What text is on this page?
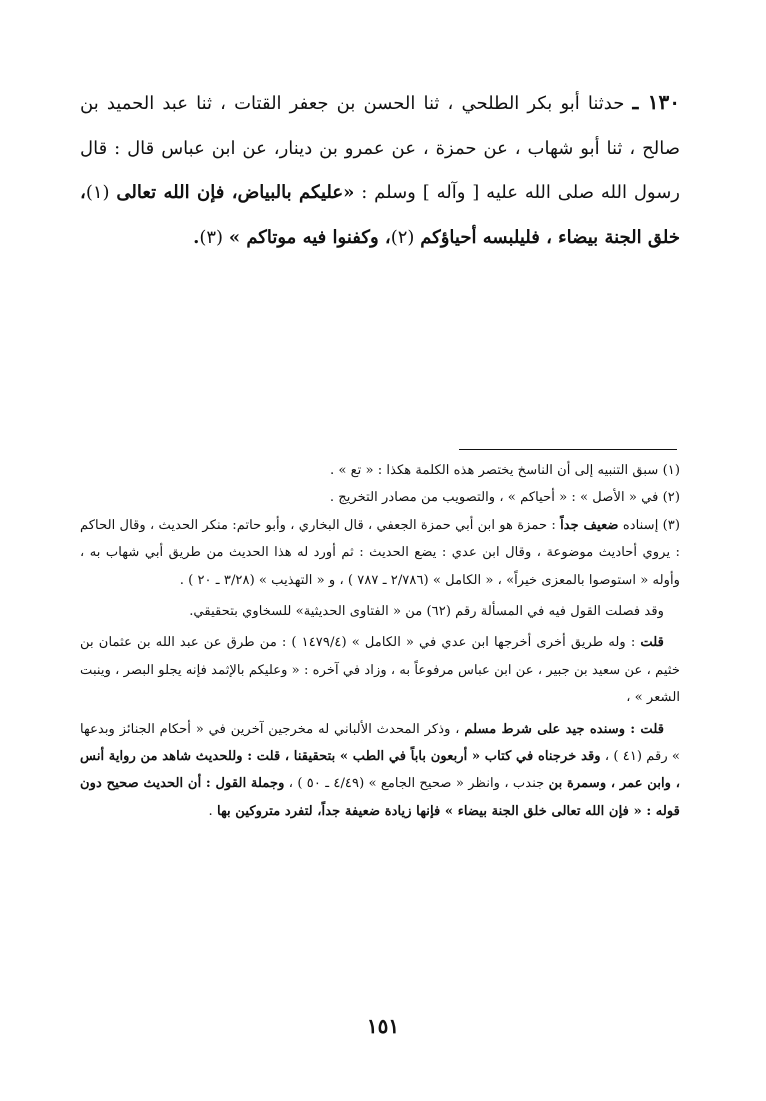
١٣٠ ـ حدثنا أبو بكر الطلحي ، ثنا الحسن بن جعفر القتات ، ثنا عبد الحميد بن صالح ، ثنا أبو شهاب ، عن حمزة ، عن عمرو بن دينار، عن ابن عباس قال : قال رسول الله صلى الله عليه [ وآله ] وسلم : «عليكم بالبياض، فإن الله تعالى (١)، خلق الجنة بيضاء ، فليلبسه أحياؤكم (٢)، وكفنوا فيه موتاكم » (٣).

(١) سبق التنبيه إلى أن الناسخ يختصر هذه الكلمة هكذا : « تع » .

(٢) في « الأصل » : « أحياكم » ، والتصويب من مصادر التخريج .

(٣) إسناده ضعيف جداً : حمزة هو ابن أبي حمزة الجعفي ، قال البخاري ، وأبو حاتم: منكر الحديث ، وقال الحاكم : يروي أحاديث موضوعة ، وقال ابن عدي : يضع الحديث : ثم أورد له هذا الحديث من طريق أبي شهاب به ، وأوله « استوصوا بالمعزى خيراً» ، « الكامل » (٢/٧٨٦ ـ ٧٨٧ ) ، و « التهذيب » (٣/٢٨ ـ ٢٠ ) .

وقد فصلت القول فيه في المسألة رقم (٦٢) من « الفتاوى الحديثية» للسخاوي بتحقيقي.

قلت : وله طريق أخرى أخرجها ابن عدي في « الكامل » (١٤٧٩/٤ ) : من طرق عن عبد الله بن عثمان بن خثيم ، عن سعيد بن جبير ، عن ابن عباس مرفوعاً به ، وزاد في آخره : « وعليكم بالإثمد فإنه يجلو البصر ، وينبت الشعر » ،

قلت : وسنده جيد على شرط مسلم ، وذكر المحدث الألباني له مخرجين آخرين في « أحكام الجنائز وبدعها » رقم (٤١ ) ، وقد خرجناه في كتاب « أربعون باباً في الطب » بتحقيقنا ، قلت : وللحديث شاهد من رواية أنس ، وابن عمر ، وسمرة بن جندب ، وانظر « صحيح الجامع » (٤/٤٩ ـ ٥٠ ) ، وجملة القول : أن الحديث صحيح دون قوله : « فإن الله تعالى خلق الجنة بيضاء » فإنها زيادة ضعيفة جداً، لتفرد متروكين بها .

١٥١
